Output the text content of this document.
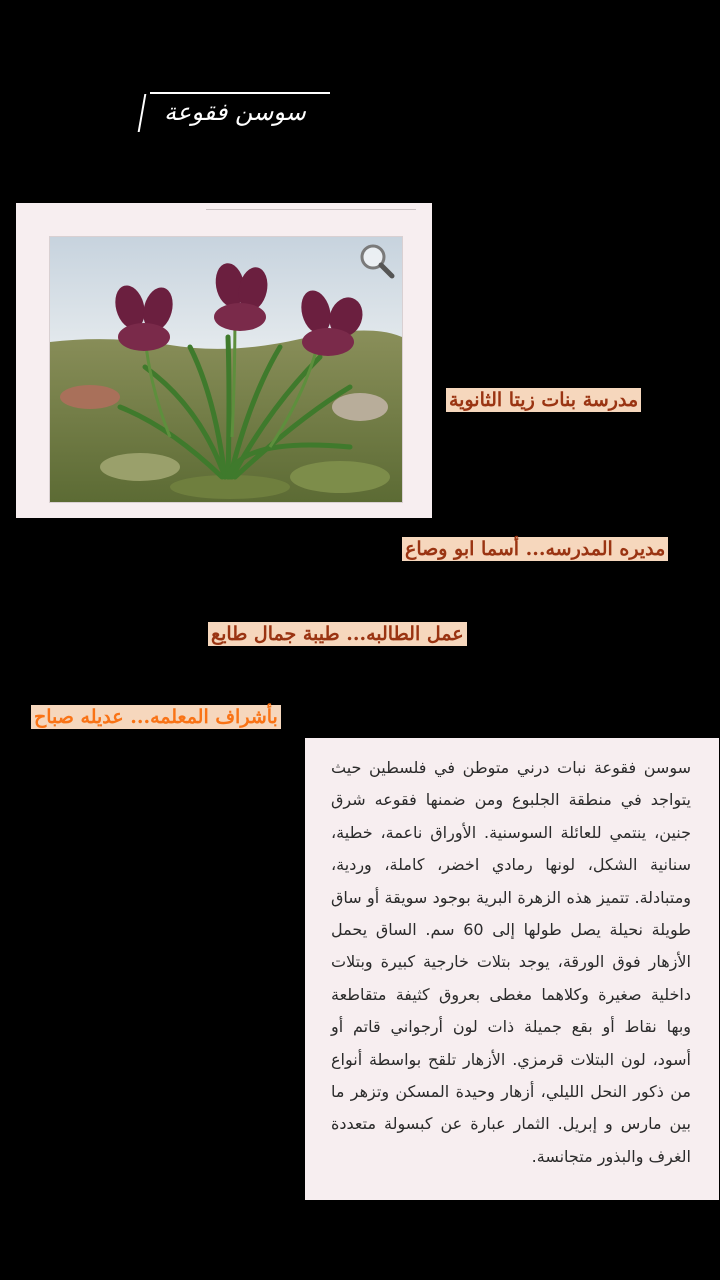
سوسن فقوعة
مدرسة بنات زيتا الثانوية
مديره المدرسه... أسما ابو وصاع
عمل الطالبه... طيبة جمال طايع
بأشراف المعلمه... عديله صباح

سوسن فقوعة نبات درني متوطن في فلسطين حيث يتواجد في منطقة الجلبوع ومن ضمنها فقوعه شرق جنين، ينتمي للعائلة السوسنية. الأوراق ناعمة، خطية، سنانية الشكل، لونها رمادي اخضر، كاملة، وردية، ومتبادلة. تتميز هذه الزهرة البرية بوجود سويقة أو ساق طويلة نحيلة يصل طولها إلى 60 سم. الساق يحمل الأزهار فوق الورقة، يوجد بتلات خارجية كبيرة وبتلات داخلية صغيرة وكلاهما مغطى بعروق كثيفة متقاطعة وبها نقاط أو بقع جميلة ذات لون أرجواني قاتم أو أسود، لون البتلات قرمزي. الأزهار تلقح بواسطة أنواع من ذكور النحل الليلي، أزهار وحيدة المسكن وتزهر ما بين مارس و إبريل. الثمار عبارة عن كبسولة متعددة الغرف والبذور متجانسة.
